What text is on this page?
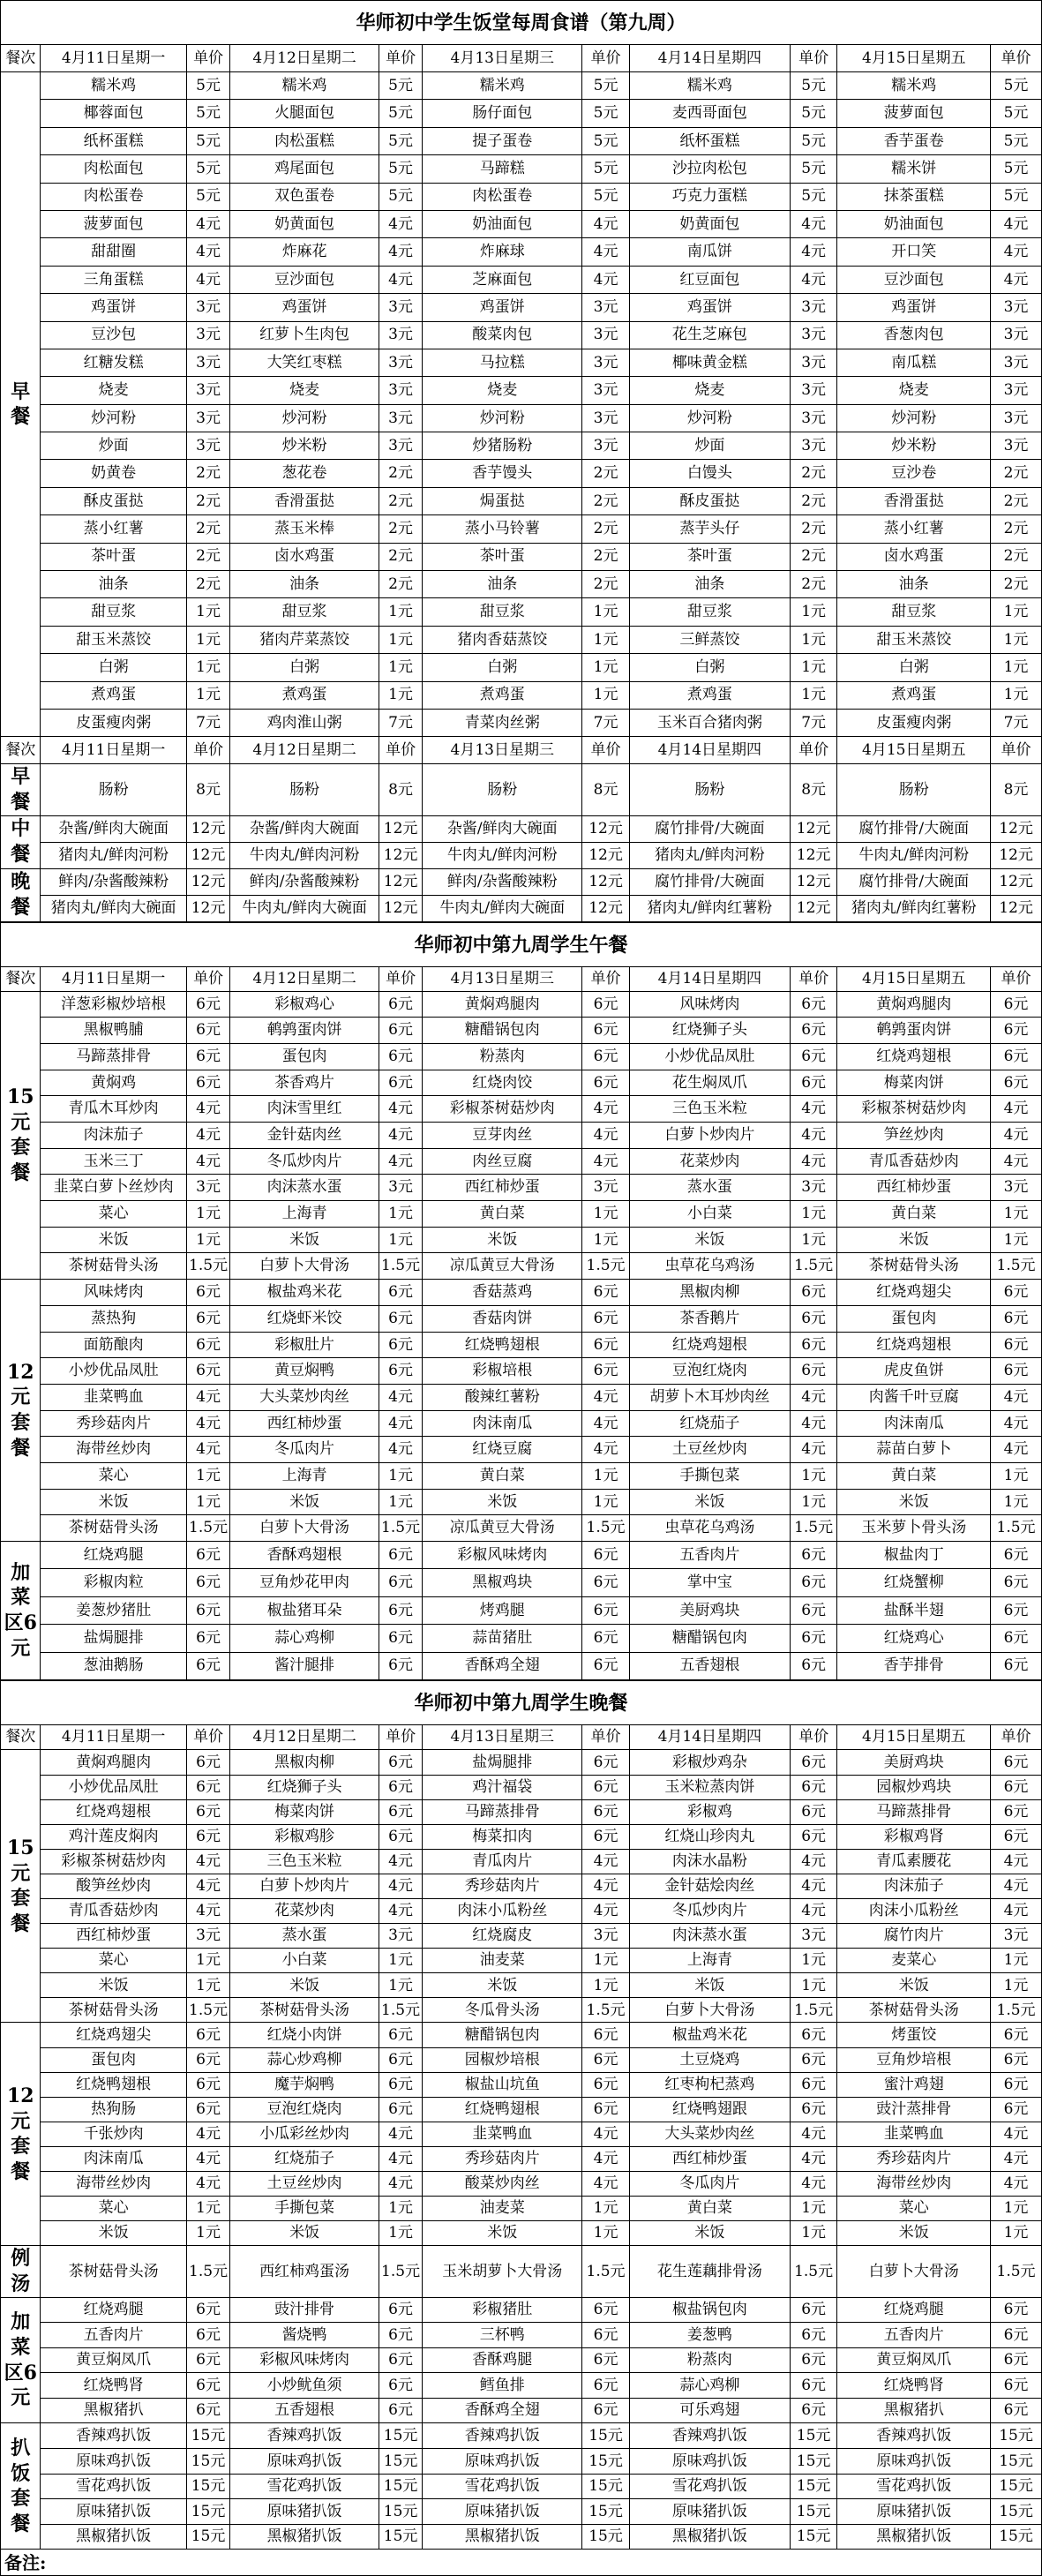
华师初中学生饭堂每周食谱（第九周）
餐次	4月11日星期一	单价	4月12日星期二	单价	4月13日星期三	单价	4月14日星期四	单价	4月15日星期五	单价
早餐	糯米鸡	5元	糯米鸡	5元	糯米鸡	5元	糯米鸡	5元	糯米鸡	5元
	椰蓉面包	5元	火腿面包	5元	肠仔面包	5元	麦西哥面包	5元	菠萝面包	5元
	纸杯蛋糕	5元	肉松蛋糕	5元	提子蛋卷	5元	纸杯蛋糕	5元	香芋蛋卷	5元
	肉松面包	5元	鸡尾面包	5元	马蹄糕	5元	沙拉肉松包	5元	糯米饼	5元
	肉松蛋卷	5元	双色蛋卷	5元	肉松蛋卷	5元	巧克力蛋糕	5元	抹茶蛋糕	5元
	菠萝面包	4元	奶黄面包	4元	奶油面包	4元	奶黄面包	4元	奶油面包	4元
	甜甜圈	4元	炸麻花	4元	炸麻球	4元	南瓜饼	4元	开口笑	4元
	三角蛋糕	4元	豆沙面包	4元	芝麻面包	4元	红豆面包	4元	豆沙面包	4元
	鸡蛋饼	3元	鸡蛋饼	3元	鸡蛋饼	3元	鸡蛋饼	3元	鸡蛋饼	3元
	豆沙包	3元	红萝卜生肉包	3元	酸菜肉包	3元	花生芝麻包	3元	香葱肉包	3元
	红糖发糕	3元	大笑红枣糕	3元	马拉糕	3元	椰味黄金糕	3元	南瓜糕	3元
	烧麦	3元	烧麦	3元	烧麦	3元	烧麦	3元	烧麦	3元
	炒河粉	3元	炒河粉	3元	炒河粉	3元	炒河粉	3元	炒河粉	3元
	炒面	3元	炒米粉	3元	炒猪肠粉	3元	炒面	3元	炒米粉	3元
	奶黄卷	2元	葱花卷	2元	香芋馒头	2元	白馒头	2元	豆沙卷	2元
	酥皮蛋挞	2元	香滑蛋挞	2元	焗蛋挞	2元	酥皮蛋挞	2元	香滑蛋挞	2元
	蒸小红薯	2元	蒸玉米棒	2元	蒸小马铃薯	2元	蒸芋头仔	2元	蒸小红薯	2元
	茶叶蛋	2元	卤水鸡蛋	2元	茶叶蛋	2元	茶叶蛋	2元	卤水鸡蛋	2元
	油条	2元	油条	2元	油条	2元	油条	2元	油条	2元
	甜豆浆	1元	甜豆浆	1元	甜豆浆	1元	甜豆浆	1元	甜豆浆	1元
	甜玉米蒸饺	1元	猪肉芹菜蒸饺	1元	猪肉香菇蒸饺	1元	三鲜蒸饺	1元	甜玉米蒸饺	1元
	白粥	1元	白粥	1元	白粥	1元	白粥	1元	白粥	1元
	煮鸡蛋	1元	煮鸡蛋	1元	煮鸡蛋	1元	煮鸡蛋	1元	煮鸡蛋	1元
	皮蛋瘦肉粥	7元	鸡肉淮山粥	7元	青菜肉丝粥	7元	玉米百合猪肉粥	7元	皮蛋瘦肉粥	7元
餐次	4月11日星期一	单价	4月12日星期二	单价	4月13日星期三	单价	4月14日星期四	单价	4月15日星期五	单价
早餐	肠粉	8元	肠粉	8元	肠粉	8元	肠粉	8元	肠粉	8元
中餐	杂酱/鲜肉大碗面	12元	杂酱/鲜肉大碗面	12元	杂酱/鲜肉大碗面	12元	腐竹排骨/大碗面	12元	腐竹排骨/大碗面	12元
	猪肉丸/鲜肉河粉	12元	牛肉丸/鲜肉河粉	12元	牛肉丸/鲜肉河粉	12元	猪肉丸/鲜肉河粉	12元	牛肉丸/鲜肉河粉	12元
晚餐	鲜肉/杂酱酸辣粉	12元	鲜肉/杂酱酸辣粉	12元	鲜肉/杂酱酸辣粉	12元	腐竹排骨/大碗面	12元	腐竹排骨/大碗面	12元
	猪肉丸/鲜肉大碗面	12元	牛肉丸/鲜肉大碗面	12元	牛肉丸/鲜肉大碗面	12元	猪肉丸/鲜肉红薯粉	12元	猪肉丸/鲜肉红薯粉	12元
华师初中第九周学生午餐
餐次	4月11日星期一	单价	4月12日星期二	单价	4月13日星期三	单价	4月14日星期四	单价	4月15日星期五	单价
15元套餐	洋葱彩椒炒培根	6元	彩椒鸡心	6元	黄焖鸡腿肉	6元	风味烤肉	6元	黄焖鸡腿肉	6元
	黑椒鸭脯	6元	鹌鹑蛋肉饼	6元	糖醋锅包肉	6元	红烧狮子头	6元	鹌鹑蛋肉饼	6元
	马蹄蒸排骨	6元	蛋包肉	6元	粉蒸肉	6元	小炒优品凤肚	6元	红烧鸡翅根	6元
	黄焖鸡	6元	茶香鸡片	6元	红烧肉饺	6元	花生焖凤爪	6元	梅菜肉饼	6元
	青瓜木耳炒肉	4元	肉沫雪里红	4元	彩椒茶树菇炒肉	4元	三色玉米粒	4元	彩椒茶树菇炒肉	4元
	肉沫茄子	4元	金针菇肉丝	4元	豆芽肉丝	4元	白萝卜炒肉片	4元	笋丝炒肉	4元
	玉米三丁	4元	冬瓜炒肉片	4元	肉丝豆腐	4元	花菜炒肉	4元	青瓜香菇炒肉	4元
	韭菜白萝卜丝炒肉	3元	肉沫蒸水蛋	3元	西红柿炒蛋	3元	蒸水蛋	3元	西红柿炒蛋	3元
	菜心	1元	上海青	1元	黄白菜	1元	小白菜	1元	黄白菜	1元
	米饭	1元	米饭	1元	米饭	1元	米饭	1元	米饭	1元
	茶树菇骨头汤	1.5元	白萝卜大骨汤	1.5元	凉瓜黄豆大骨汤	1.5元	虫草花乌鸡汤	1.5元	茶树菇骨头汤	1.5元
12元套餐	风味烤肉	6元	椒盐鸡米花	6元	香菇蒸鸡	6元	黑椒肉柳	6元	红烧鸡翅尖	6元
	蒸热狗	6元	红烧虾米饺	6元	香菇肉饼	6元	茶香鹅片	6元	蛋包肉	6元
	面筋酿肉	6元	彩椒肚片	6元	红烧鸭翅根	6元	红烧鸡翅根	6元	红烧鸡翅根	6元
	小炒优品凤肚	6元	黄豆焖鸭	6元	彩椒培根	6元	豆泡红烧肉	6元	虎皮鱼饼	6元
	韭菜鸭血	4元	大头菜炒肉丝	4元	酸辣红薯粉	4元	胡萝卜木耳炒肉丝	4元	肉酱千叶豆腐	4元
	秀珍菇肉片	4元	西红柿炒蛋	4元	肉沫南瓜	4元	红烧茄子	4元	肉沫南瓜	4元
	海带丝炒肉	4元	冬瓜肉片	4元	红烧豆腐	4元	土豆丝炒肉	4元	蒜苗白萝卜	4元
	菜心	1元	上海青	1元	黄白菜	1元	手撕包菜	1元	黄白菜	1元
	米饭	1元	米饭	1元	米饭	1元	米饭	1元	米饭	1元
	茶树菇骨头汤	1.5元	白萝卜大骨汤	1.5元	凉瓜黄豆大骨汤	1.5元	虫草花乌鸡汤	1.5元	玉米萝卜骨头汤	1.5元
加菜区6元	红烧鸡腿	6元	香酥鸡翅根	6元	彩椒风味烤肉	6元	五香肉片	6元	椒盐肉丁	6元
	彩椒肉粒	6元	豆角炒花甲肉	6元	黑椒鸡块	6元	掌中宝	6元	红烧蟹柳	6元
	姜葱炒猪肚	6元	椒盐猪耳朵	6元	烤鸡腿	6元	美厨鸡块	6元	盐酥半翅	6元
	盐焗腿排	6元	蒜心鸡柳	6元	蒜苗猪肚	6元	糖醋锅包肉	6元	红烧鸡心	6元
	葱油鹅肠	6元	酱汁腿排	6元	香酥鸡全翅	6元	五香翅根	6元	香芋排骨	6元
华师初中第九周学生晚餐
餐次	4月11日星期一	单价	4月12日星期二	单价	4月13日星期三	单价	4月14日星期四	单价	4月15日星期五	单价
15元套餐	黄焖鸡腿肉	6元	黑椒肉柳	6元	盐焗腿排	6元	彩椒炒鸡杂	6元	美厨鸡块	6元
	小炒优品凤肚	6元	红烧狮子头	6元	鸡汁福袋	6元	玉米粒蒸肉饼	6元	园椒炒鸡块	6元
	红烧鸡翅根	6元	梅菜肉饼	6元	马蹄蒸排骨	6元	彩椒鸡	6元	马蹄蒸排骨	6元
	鸡汁莲皮焖肉	6元	彩椒鸡胗	6元	梅菜扣肉	6元	红烧山珍肉丸	6元	彩椒鸡肾	6元
	彩椒茶树菇炒肉	4元	三色玉米粒	4元	青瓜肉片	4元	肉沫水晶粉	4元	青瓜素腰花	4元
	酸笋丝炒肉	4元	白萝卜炒肉片	4元	秀珍菇肉片	4元	金针菇烩肉丝	4元	肉沫茄子	4元
	青瓜香菇炒肉	4元	花菜炒肉	4元	肉沫小瓜粉丝	4元	冬瓜炒肉片	4元	肉沫小瓜粉丝	4元
	西红柿炒蛋	3元	蒸水蛋	3元	红烧腐皮	3元	肉沫蒸水蛋	3元	腐竹肉片	3元
	菜心	1元	小白菜	1元	油麦菜	1元	上海青	1元	麦菜心	1元
	米饭	1元	米饭	1元	米饭	1元	米饭	1元	米饭	1元
	茶树菇骨头汤	1.5元	茶树菇骨头汤	1.5元	冬瓜骨头汤	1.5元	白萝卜大骨汤	1.5元	茶树菇骨头汤	1.5元
12元套餐	红烧鸡翅尖	6元	红烧小肉饼	6元	糖醋锅包肉	6元	椒盐鸡米花	6元	烤蛋饺	6元
	蛋包肉	6元	蒜心炒鸡柳	6元	园椒炒培根	6元	土豆烧鸡	6元	豆角炒培根	6元
	红烧鸭翅根	6元	魔芋焖鸭	6元	椒盐山坑鱼	6元	红枣枸杞蒸鸡	6元	蜜汁鸡翅	6元
	热狗肠	6元	豆泡红烧肉	6元	红烧鸭翅根	6元	红烧鸭翅跟	6元	豉汁蒸排骨	6元
	千张炒肉	4元	小瓜彩丝炒肉	4元	韭菜鸭血	4元	大头菜炒肉丝	4元	韭菜鸭血	4元
	肉沫南瓜	4元	红烧茄子	4元	秀珍菇肉片	4元	西红柿炒蛋	4元	秀珍菇肉片	4元
	海带丝炒肉	4元	土豆丝炒肉	4元	酸菜炒肉丝	4元	冬瓜肉片	4元	海带丝炒肉	4元
	菜心	1元	手撕包菜	1元	油麦菜	1元	黄白菜	1元	菜心	1元
	米饭	1元	米饭	1元	米饭	1元	米饭	1元	米饭	1元
例汤	茶树菇骨头汤	1.5元	西红柿鸡蛋汤	1.5元	玉米胡萝卜大骨汤	1.5元	花生莲藕排骨汤	1.5元	白萝卜大骨汤	1.5元
加菜区6元	红烧鸡腿	6元	豉汁排骨	6元	彩椒猪肚	6元	椒盐锅包肉	6元	红烧鸡腿	6元
	五香肉片	6元	酱烧鸭	6元	三杯鸭	6元	姜葱鸭	6元	五香肉片	6元
	黄豆焖凤爪	6元	彩椒风味烤肉	6元	香酥鸡腿	6元	粉蒸肉	6元	黄豆焖凤爪	6元
	红烧鸭肾	6元	小炒鱿鱼须	6元	鳕鱼排	6元	蒜心鸡柳	6元	红烧鸭肾	6元
	黑椒猪扒	6元	五香翅根	6元	香酥鸡全翅	6元	可乐鸡翅	6元	黑椒猪扒	6元
扒饭套餐	香辣鸡扒饭	15元	香辣鸡扒饭	15元	香辣鸡扒饭	15元	香辣鸡扒饭	15元	香辣鸡扒饭	15元
	原味鸡扒饭	15元	原味鸡扒饭	15元	原味鸡扒饭	15元	原味鸡扒饭	15元	原味鸡扒饭	15元
	雪花鸡扒饭	15元	雪花鸡扒饭	15元	雪花鸡扒饭	15元	雪花鸡扒饭	15元	雪花鸡扒饭	15元
	原味猪扒饭	15元	原味猪扒饭	15元	原味猪扒饭	15元	原味猪扒饭	15元	原味猪扒饭	15元
	黑椒猪扒饭	15元	黑椒猪扒饭	15元	黑椒猪扒饭	15元	黑椒猪扒饭	15元	黑椒猪扒饭	15元
备注:										
